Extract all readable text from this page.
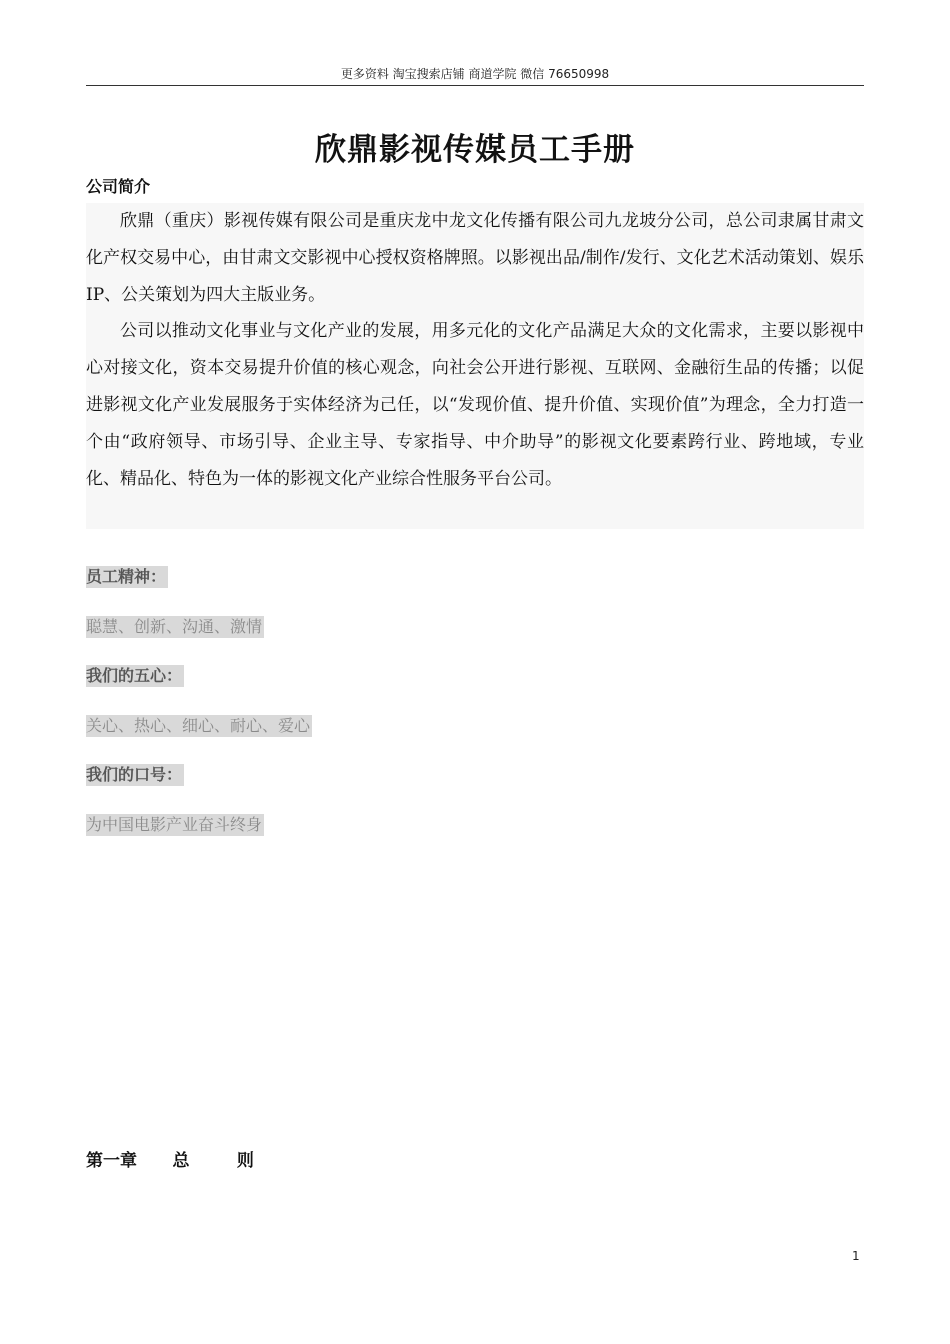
更多资料 淘宝搜索店铺 商道学院 微信 76650998
欣鼎影视传媒员工手册
公司简介

欣鼎（重庆）影视传媒有限公司是重庆龙中龙文化传播有限公司九龙坡分公司，总公司隶属甘肃文化产权交易中心，由甘肃文交影视中心授权资格牌照。以影视出品/制作/发行、文化艺术活动策划、娱乐IP、公关策划为四大主版业务。

公司以推动文化事业与文化产业的发展，用多元化的文化产品满足大众的文化需求，主要以影视中心对接文化，资本交易提升价值的核心观念，向社会公开进行影视、互联网、金融衍生品的传播；以促进影视文化产业发展服务于实体经济为己任，以“发现价值、提升价值、实现价值”为理念，全力打造一个由“政府领导、市场引导、企业主导、专家指导、中介助导”的影视文化要素跨行业、跨地域，专业化、精品化、特色为一体的影视文化产业综合性服务平台公司。

员工精神：
聪慧、创新、沟通、激情
我们的五心：
关心、热心、细心、耐心、爱心
我们的口号：
为中国电影产业奋斗终身
第一章      总        则
1
